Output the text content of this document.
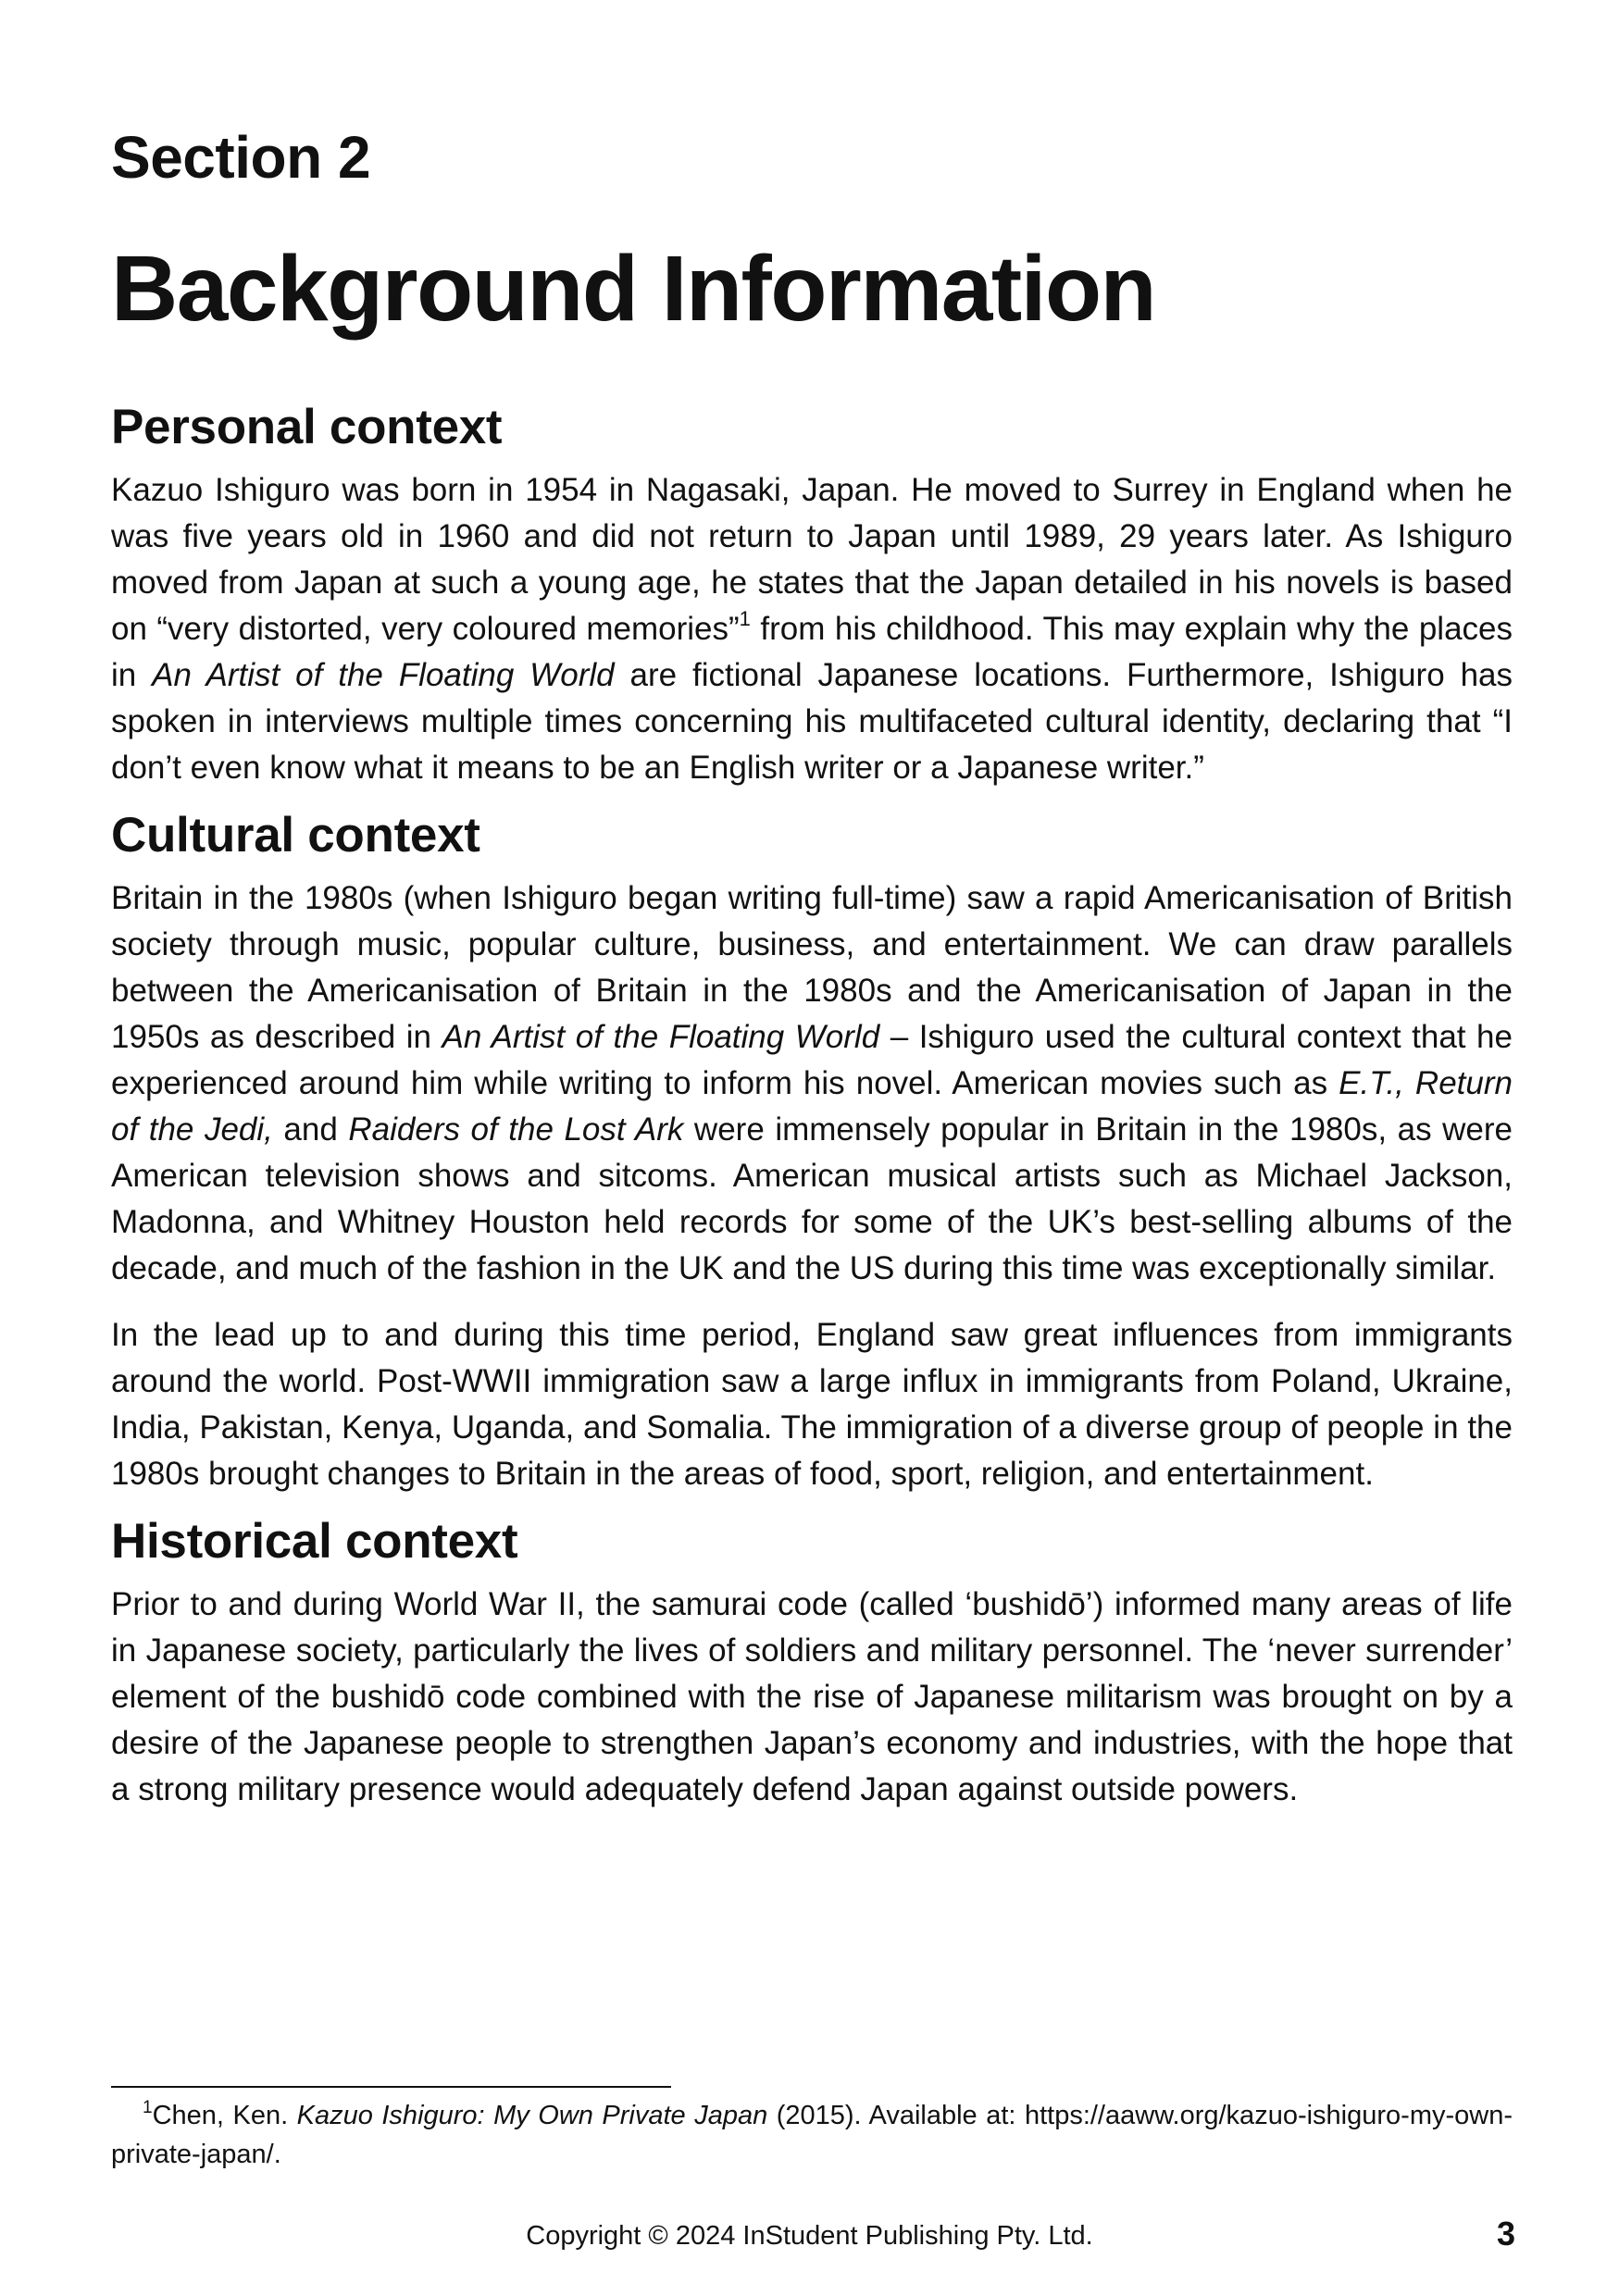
Section 2
Background Information
Personal context

Kazuo Ishiguro was born in 1954 in Nagasaki, Japan. He moved to Surrey in England when he was five years old in 1960 and did not return to Japan until 1989, 29 years later. As Ishiguro moved from Japan at such a young age, he states that the Japan detailed in his novels is based on “very distorted, very coloured memories”$^1$ from his childhood. This may explain why the places in An Artist of the Floating World are fictional Japanese locations. Furthermore, Ishiguro has spoken in interviews multiple times concerning his multifaceted cultural identity, declaring that “I don’t even know what it means to be an English writer or a Japanese writer.”

Cultural context

Britain in the 1980s (when Ishiguro began writing full-time) saw a rapid Americanisation of British society through music, popular culture, business, and entertainment. We can draw parallels between the Americanisation of Britain in the 1980s and the Americanisation of Japan in the 1950s as described in An Artist of the Floating World – Ishiguro used the cultural context that he experienced around him while writing to inform his novel. American movies such as E.T., Return of the Jedi, and Raiders of the Lost Ark were immensely popular in Britain in the 1980s, as were American television shows and sitcoms. American musical artists such as Michael Jackson, Madonna, and Whitney Houston held records for some of the UK’s best-selling albums of the decade, and much of the fashion in the UK and the US during this time was exceptionally similar.

In the lead up to and during this time period, England saw great influences from immigrants around the world. Post-WWII immigration saw a large influx in immigrants from Poland, Ukraine, India, Pakistan, Kenya, Uganda, and Somalia. The immigration of a diverse group of people in the 1980s brought changes to Britain in the areas of food, sport, religion, and entertainment.

Historical context

Prior to and during World War II, the samurai code (called ‘bushidō’) informed many areas of life in Japanese society, particularly the lives of soldiers and military personnel. The ‘never surrender’ element of the bushidō code combined with the rise of Japanese militarism was brought on by a desire of the Japanese people to strengthen Japan’s economy and industries, with the hope that a strong military presence would adequately defend Japan against outside powers.

$^1$Chen, Ken. Kazuo Ishiguro: My Own Private Japan (2015). Available at: https://aaww.org/kazuo-ishiguro-my-own-private-japan/.
Copyright © 2024 InStudent Publishing Pty. Ltd.	3
